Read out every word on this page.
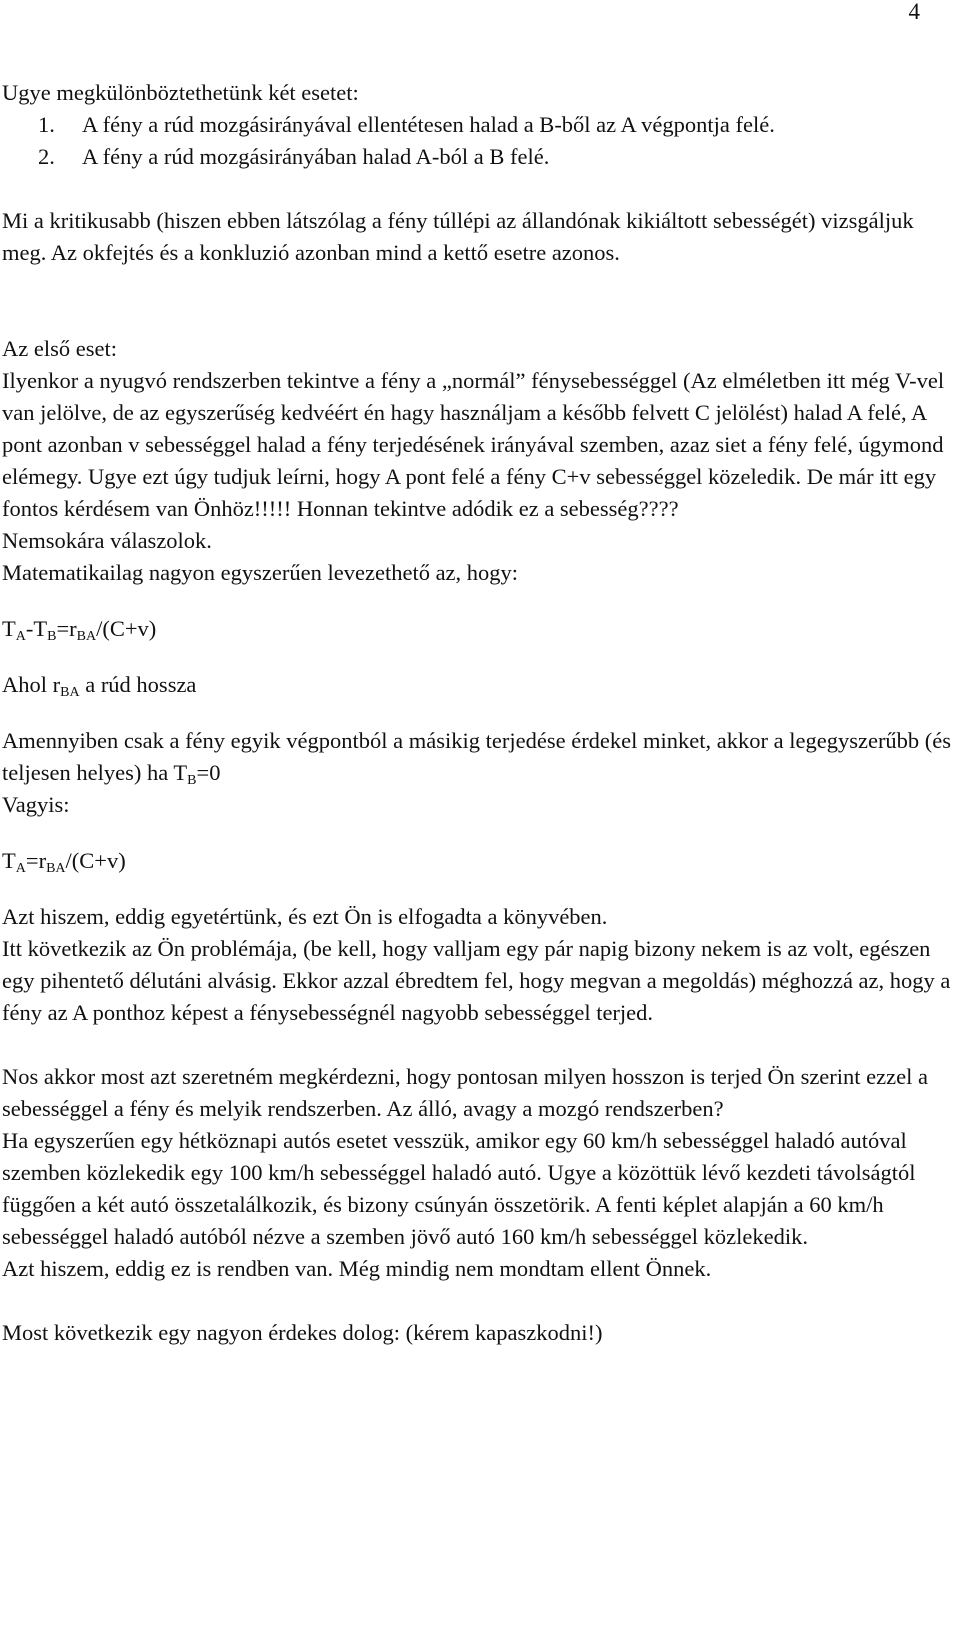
4

Ugye megkülönböztethetünk két esetet:

1. A fény a rúd mozgásirányával ellentétesen halad a B-ből az A végpontja felé.
2. A fény a rúd mozgásirányában halad A-ból a B felé.

Mi a kritikusabb (hiszen ebben látszólag a fény túllépi az állandónak kikiáltott sebességét) vizsgáljuk meg. Az okfejtés és a konkluzió azonban mind a kettő esetre azonos.

Az első eset:

Ilyenkor a nyugvó rendszerben tekintve a fény a „normál” fénysebességgel (Az elméletben itt még V-vel van jelölve, de az egyszerűség kedvéért én hagy használjam a később felvett C jelölést) halad A felé, A pont azonban v sebességgel halad a fény terjedésének irányával szemben, azaz siet a fény felé, úgymond elémegy. Ugye ezt úgy tudjuk leírni, hogy A pont felé a fény C+v sebességgel közeledik. De már itt egy fontos kérdésem van Önhöz!!!!! Honnan tekintve adódik ez a sebesség????

Nemsokára válaszolok.

Matematikailag nagyon egyszerűen levezethető az, hogy:

$T_A-T_B=r_{BA}/(C+v)$

Ahol $r_{BA}$ a rúd hossza

Amennyiben csak a fény egyik végpontból a másikig terjedése érdekel minket, akkor a legegyszerűbb (és teljesen helyes) ha $T_B=0$

Vagyis:

$T_A=r_{BA}/(C+v)$

Azt hiszem, eddig egyetértünk, és ezt Ön is elfogadta a könyvében.

Itt következik az Ön problémája, (be kell, hogy valljam egy pár napig bizony nekem is az volt, egészen egy pihentető délutáni alvásig. Ekkor azzal ébredtem fel, hogy megvan a megoldás) méghozzá az, hogy a fény az A ponthoz képest a fénysebességnél nagyobb sebességgel terjed.

Nos akkor most azt szeretném megkérdezni, hogy pontosan milyen hosszon is terjed Ön szerint ezzel a sebességgel a fény és melyik rendszerben. Az álló, avagy a mozgó rendszerben?

Ha egyszerűen egy hétköznapi autós esetet vesszük, amikor egy 60 km/h sebességgel haladó autóval szemben közlekedik egy 100 km/h sebességgel haladó autó. Ugye a közöttük lévő kezdeti távolságtól függően a két autó összetalálkozik, és bizony csúnyán összetörik. A fenti képlet alapján a 60 km/h sebességgel haladó autóból nézve a szemben jövő autó 160 km/h sebességgel közlekedik.

Azt hiszem, eddig ez is rendben van. Még mindig nem mondtam ellent Önnek.

Most következik egy nagyon érdekes dolog: (kérem kapaszkodni!)
